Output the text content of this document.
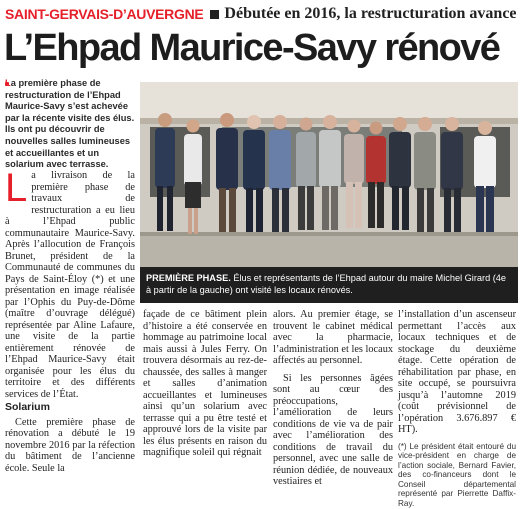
SAINT-GERVAIS-D’AUVERGNE Débutée en 2016, la restructuration avance
L’Ehpad Maurice-Savy rénové
La première phase de restructuration de l’Ehpad Maurice-Savy s’est achevée par la récente visite des élus. Ils ont pu découvrir de nouvelles salles lumineuses et accueillantes et un solarium avec terrasse.
PREMIÈRE PHASE. Élus et représentants de l’Ehpad autour du maire Michel Girard (4e à partir de la gauche) ont visité les locaux rénovés.
L a livraison de la première phase de travaux de restructuration a eu lieu à l’Ehpad public communautaire Maurice-Savy. Après l’allocution de François Brunet, président de la Communauté de communes du Pays de Saint-Éloy (*) et une présentation en image réalisée par l’Ophis du Puy-de-Dôme (maître d’ouvrage délégué) représentée par Aline Lafaure, une visite de la partie entièrement rénovée de l’Ehpad Maurice-Savy était organisée pour les élus du territoire et des différents services de l’État.
Solarium
Cette première phase de rénovation a débuté le 19 novembre 2016 par la réfection du bâtiment de l’ancienne école. Seule la
façade de ce bâtiment plein d’histoire a été conservée en hommage au patrimoine local mais aussi à Jules Ferry. On trouvera désormais au rez-de-chaussée, des salles à manger et salles d’animation accueillantes et lumineuses ainsi qu’un solarium avec terrasse qui a pu être testé et approuvé lors de la visite par les élus présents en raison du magnifique soleil qui régnait
alors. Au premier étage, se trouvent le cabinet médical avec la pharmacie, l’administration et les locaux affectés au personnel.
Si les personnes âgées sont au cœur des préoccupations, l’amélioration de leurs conditions de vie va de pair avec l’amélioration des conditions de travail du personnel, avec une salle de réunion dédiée, de nouveaux vestiaires et
l’installation d’un ascenseur permettant l’accès aux locaux techniques et de stockage du deuxième étage. Cette opération de réhabilitation par phase, en site occupé, se poursuivra jusqu’à l’automne 2019 (coût prévisionnel de l’opération 3.676.897 € HT).
(*) Le président était entouré du vice-président en charge de l’action sociale, Bernard Favier, des co-financeurs dont le Conseil départemental représenté par Pierrette Daffix-Ray.
